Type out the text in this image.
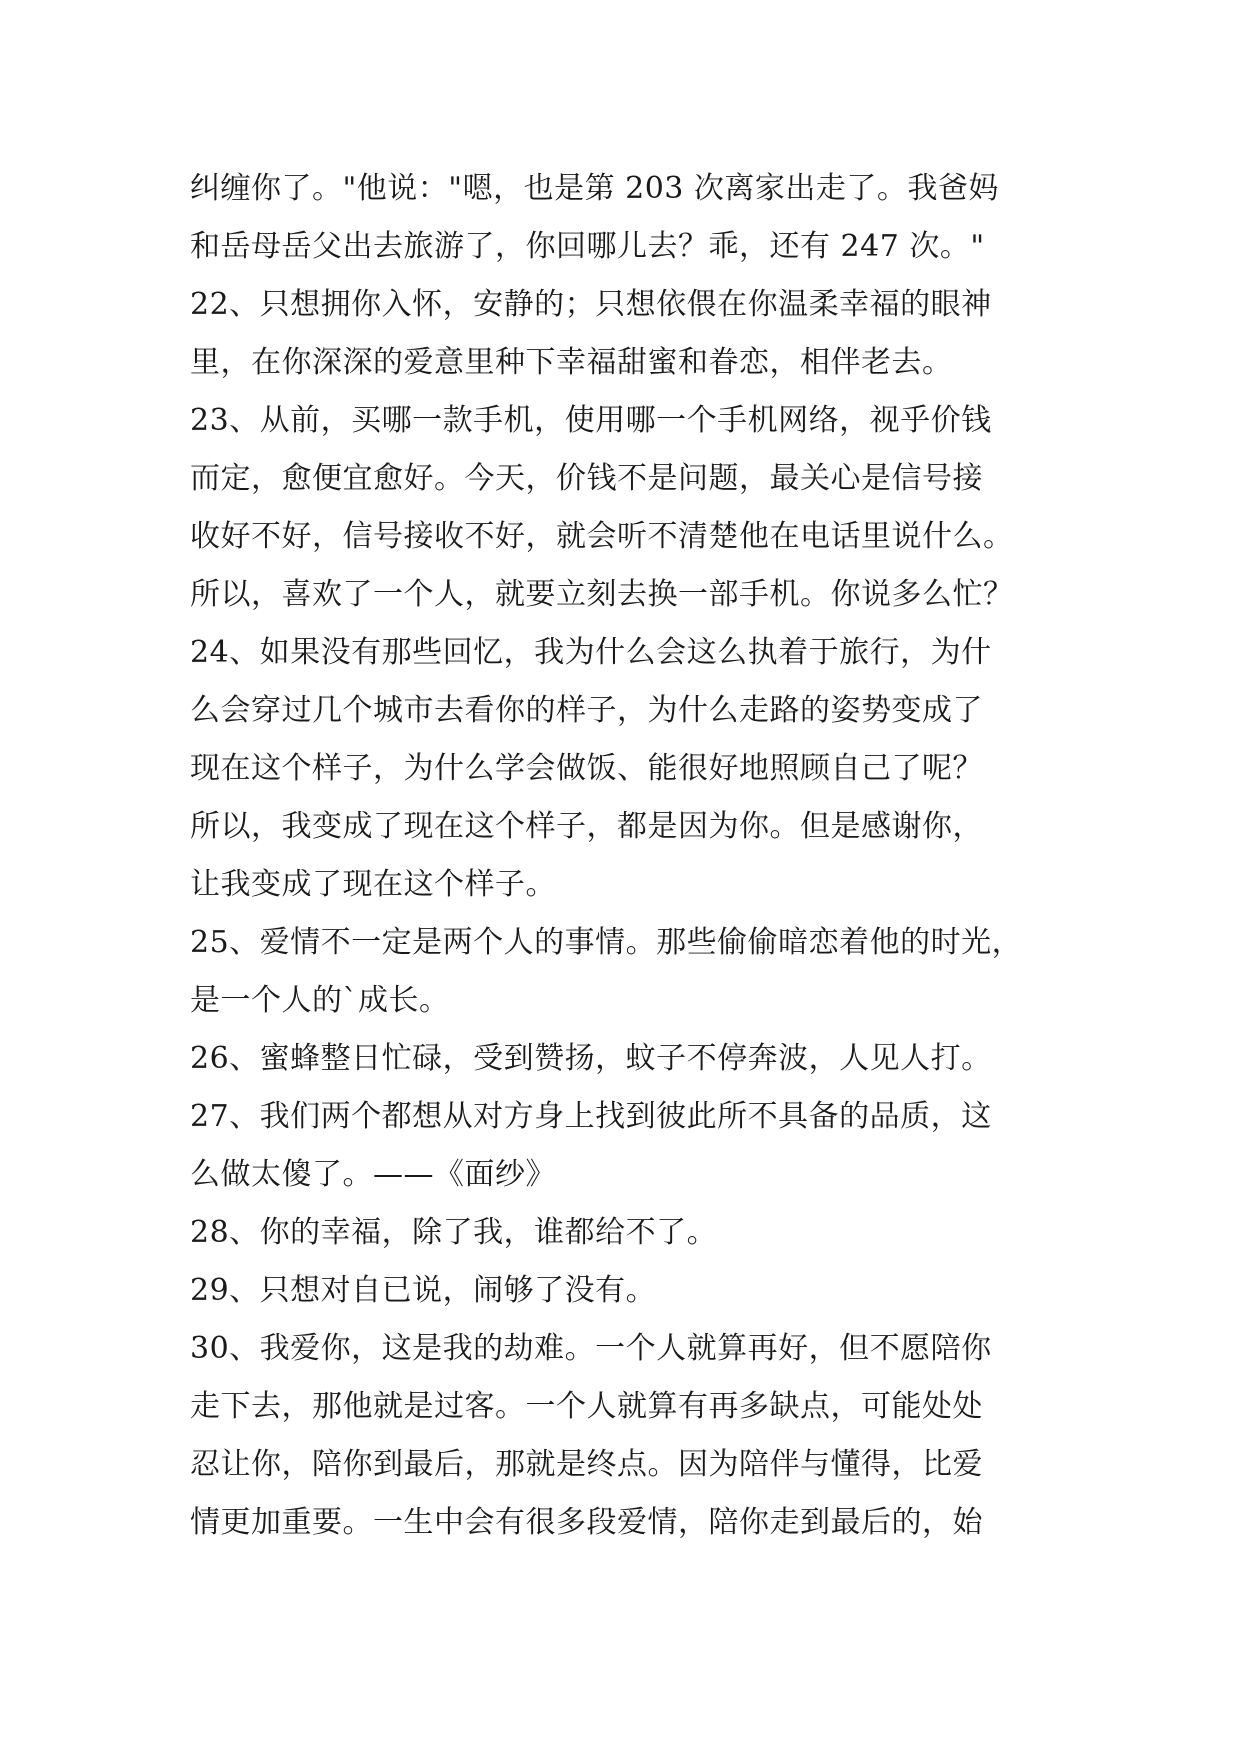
纠缠你了。"他说："嗯，也是第 203 次离家出走了。我爸妈
和岳母岳父出去旅游了，你回哪儿去？乖，还有 247 次。"
22、只想拥你入怀，安静的；只想依偎在你温柔幸福的眼神
里，在你深深的爱意里种下幸福甜蜜和眷恋，相伴老去。
23、从前，买哪一款手机，使用哪一个手机网络，视乎价钱
而定，愈便宜愈好。今天，价钱不是问题，最关心是信号接
收好不好，信号接收不好，就会听不清楚他在电话里说什么。
所以，喜欢了一个人，就要立刻去换一部手机。你说多么忙？
24、如果没有那些回忆，我为什么会这么执着于旅行，为什
么会穿过几个城市去看你的样子，为什么走路的姿势变成了
现在这个样子，为什么学会做饭、能很好地照顾自己了呢？
所以，我变成了现在这个样子，都是因为你。但是感谢你，
让我变成了现在这个样子。
25、爱情不一定是两个人的事情。那些偷偷暗恋着他的时光，
是一个人的`成长。
26、蜜蜂整日忙碌，受到赞扬，蚊子不停奔波，人见人打。
27、我们两个都想从对方身上找到彼此所不具备的品质，这
么做太傻了。——《面纱》
28、你的幸福，除了我，谁都给不了。
29、只想对自已说，闹够了没有。
30、我爱你，这是我的劫难。一个人就算再好，但不愿陪你
走下去，那他就是过客。一个人就算有再多缺点，可能处处
忍让你，陪你到最后，那就是终点。因为陪伴与懂得，比爱
情更加重要。一生中会有很多段爱情，陪你走到最后的，始
